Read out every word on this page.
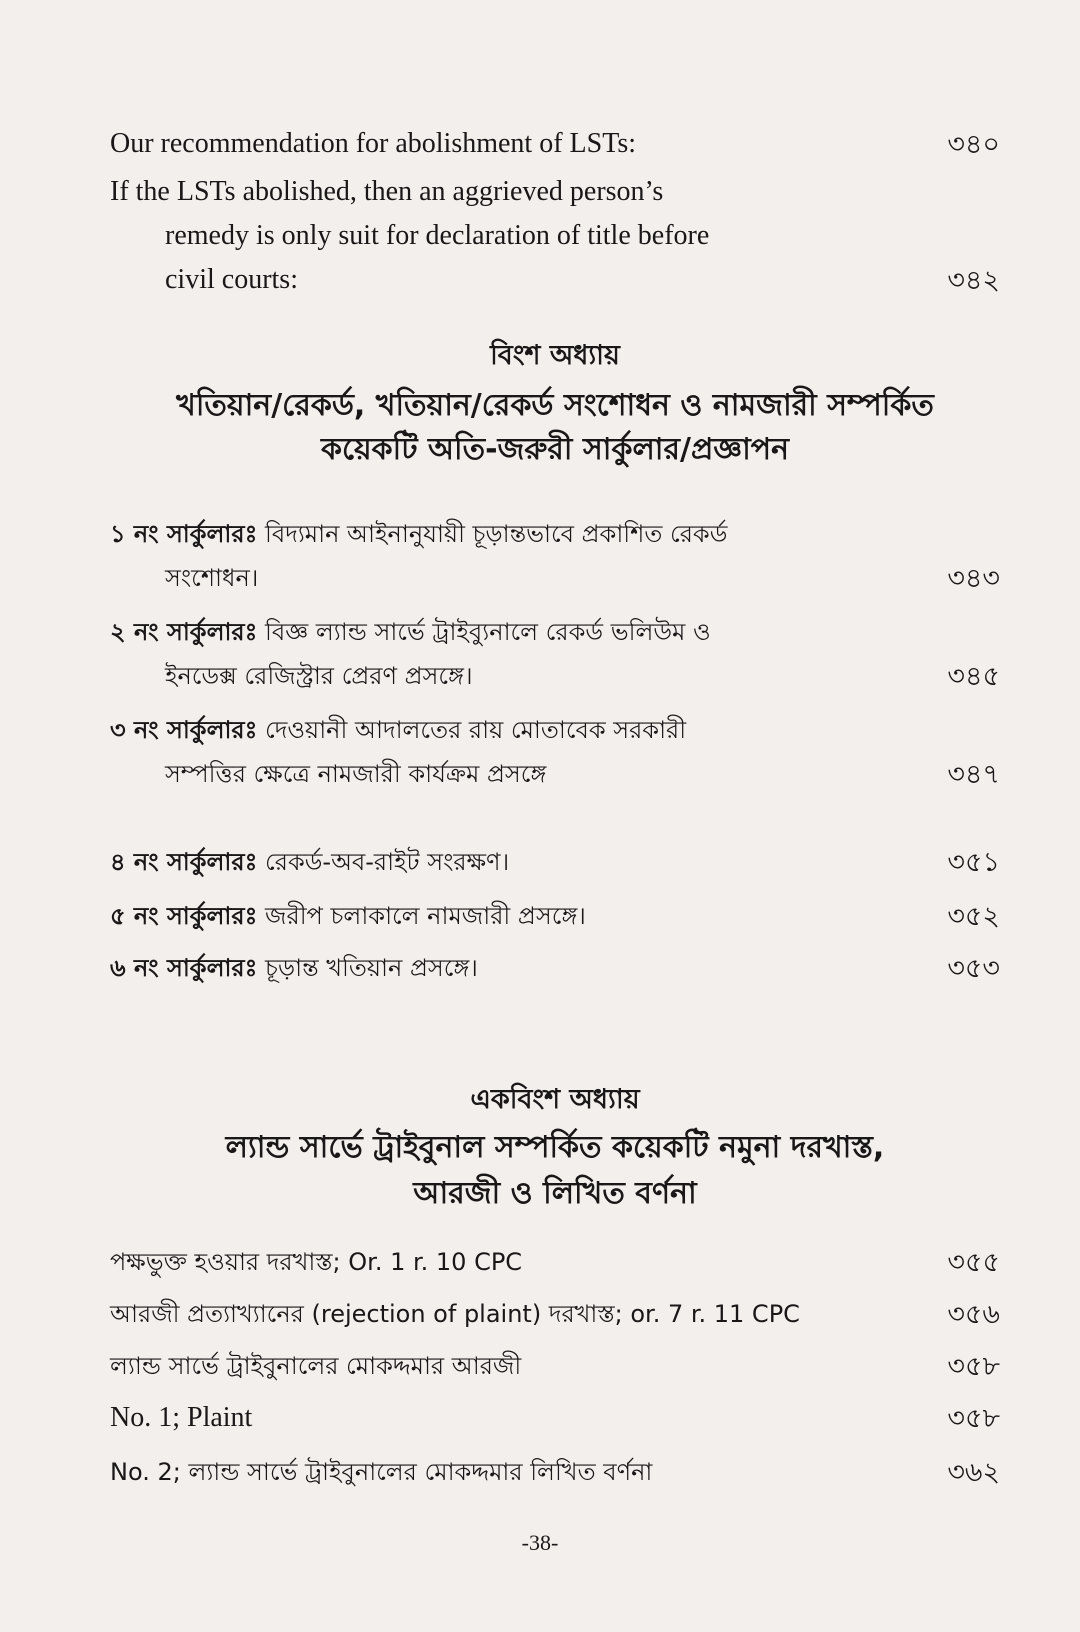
Our recommendation for abolishment of LSTs:	৩৪০
If the LSTs abolished, then an aggrieved person’s
remedy is only suit for declaration of title before
civil courts:	৩৪২
বিংশ অধ্যায়
খতিয়ান/রেকর্ড, খতিয়ান/রেকর্ড সংশোধন ও নামজারী সম্পর্কিত
কয়েকটি অতি-জরুরী সার্কুলার/প্রজ্ঞাপন
১ নং সার্কুলারঃ বিদ্যমান আইনানুযায়ী চূড়ান্তভাবে প্রকাশিত রেকর্ড
সংশোধন।	৩৪৩
২ নং সার্কুলারঃ বিজ্ঞ ল্যান্ড সার্ভে ট্রাইব্যুনালে রেকর্ড ভলিউম ও
ইনডেক্স রেজিস্ট্রার প্রেরণ প্রসঙ্গে।	৩৪৫
৩ নং সার্কুলারঃ দেওয়ানী আদালতের রায় মোতাবেক সরকারী
সম্পত্তির ক্ষেত্রে নামজারী কার্যক্রম প্রসঙ্গে	৩৪৭
৪ নং সার্কুলারঃ রেকর্ড-অব-রাইট সংরক্ষণ।	৩৫১
৫ নং সার্কুলারঃ জরীপ চলাকালে নামজারী প্রসঙ্গে।	৩৫২
৬ নং সার্কুলারঃ চূড়ান্ত খতিয়ান প্রসঙ্গে।	৩৫৩
একবিংশ অধ্যায়
ল্যান্ড সার্ভে ট্রাইবুনাল সম্পর্কিত কয়েকটি নমুনা দরখাস্ত,
আরজী ও লিখিত বর্ণনা
পক্ষভুক্ত হওয়ার দরখাস্ত; Or. 1 r. 10 CPC	৩৫৫
আরজী প্রত্যাখ্যানের (rejection of plaint) দরখাস্ত; or. 7 r. 11 CPC	৩৫৬
ল্যান্ড সার্ভে ট্রাইবুনালের মোকদ্দমার আরজী	৩৫৮
No. 1; Plaint	৩৫৮
No. 2; ল্যান্ড সার্ভে ট্রাইবুনালের মোকদ্দমার লিখিত বর্ণনা	৩৬২
-38-
